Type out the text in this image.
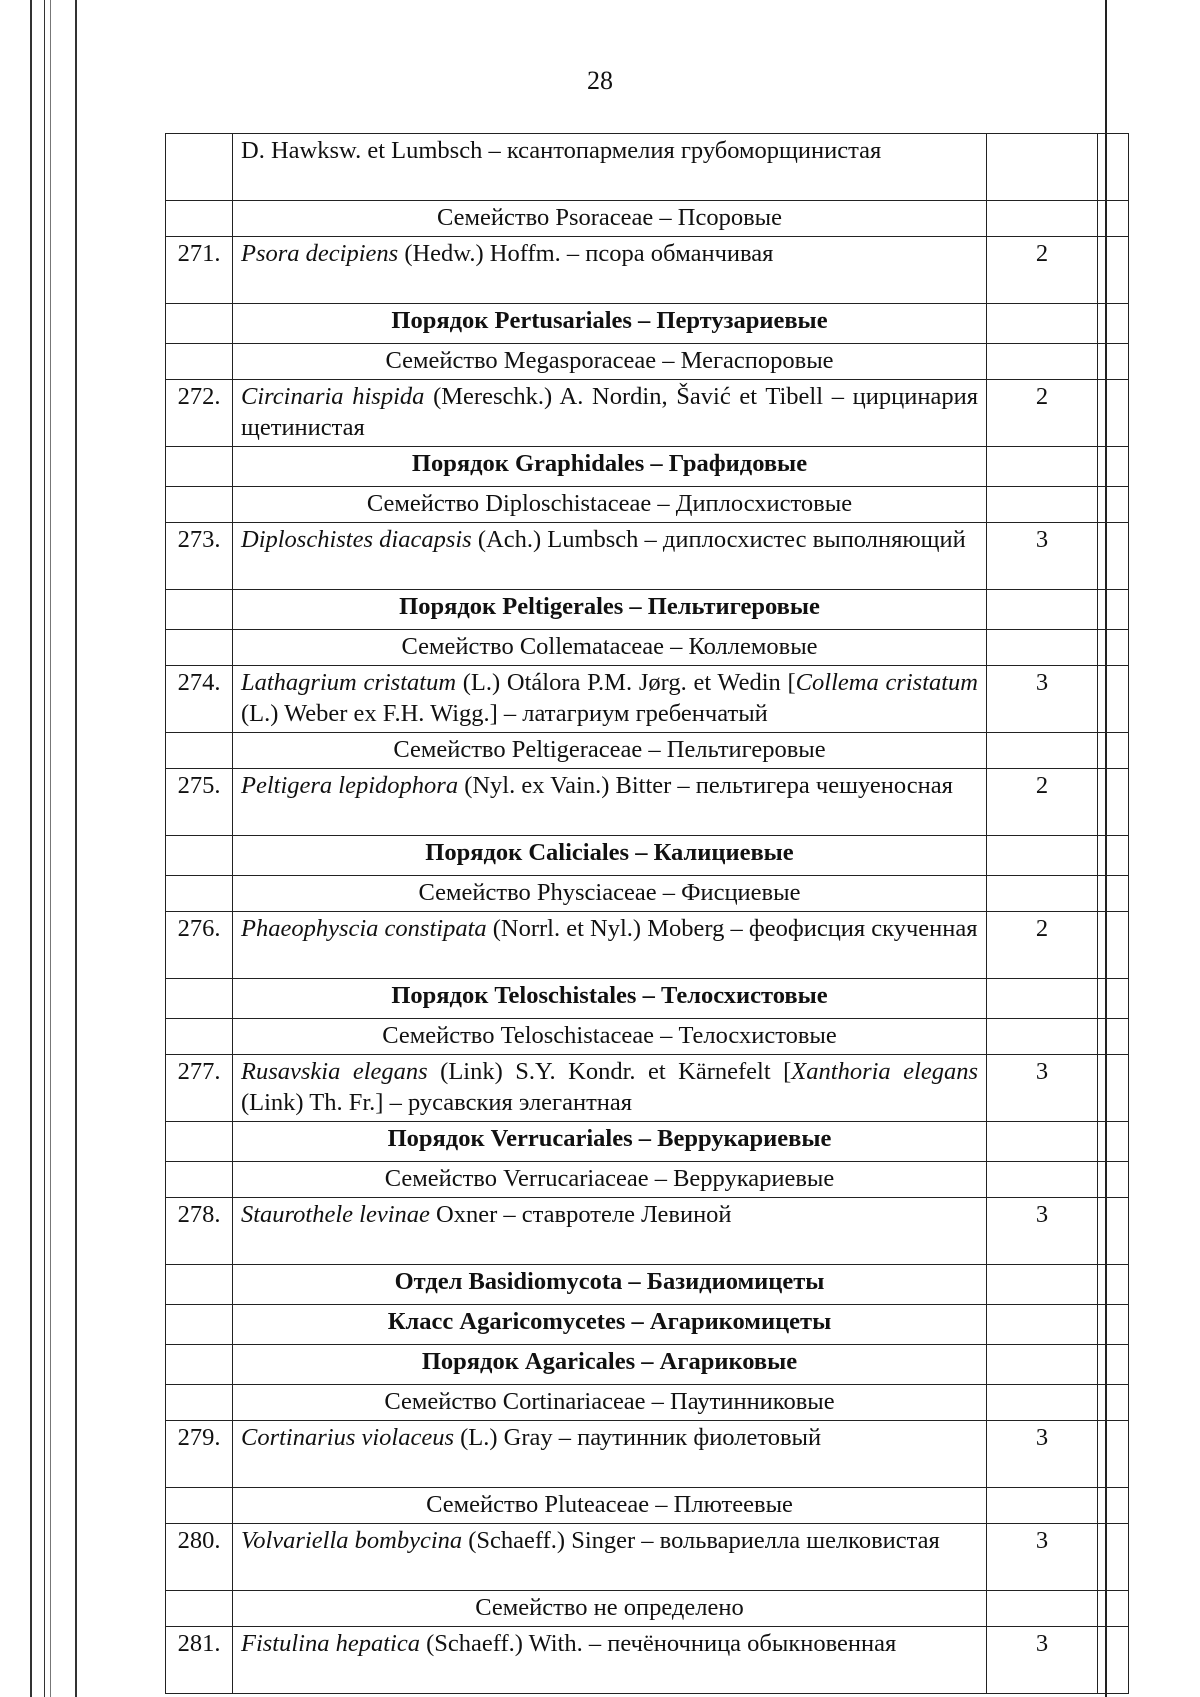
28
	D. Hawksw. et Lumbsch – ксантопармелия грубоморщинистая		
	Семейство Psoraceae – Псоровые		
271.	Psora decipiens (Hedw.) Hoffm. – псора обманчивая	2	
	Порядок Pertusariales – Пертузариевые		
	Семейство Megasporaceae – Мегаспоровые		
272.	Circinaria hispida (Mereschk.) A. Nordin, Šavić et Tibell – цирцинария щетинистая	2	
	Порядок Graphidales – Графидовые		
	Семейство Diploschistaceae – Диплосхистовые		
273.	Diploschistes diacapsis (Ach.) Lumbsch – диплосхистес выполняющий	3	
	Порядок Peltigerales – Пельтигеровые		
	Семейство Collemataceae – Коллемовые		
274.	Lathagrium cristatum (L.) Otálora P.M. Jørg. et Wedin [Collema cristatum (L.) Weber ex F.H. Wigg.] – латагриум гребенчатый	3	
	Семейство Peltigeraceae – Пельтигеровые		
275.	Peltigera lepidophora (Nyl. ex Vain.) Bitter – пельтигера чешуеносная	2	
	Порядок Caliciales – Калициевые		
	Семейство Physciaceae – Фисциевые		
276.	Phaeophyscia constipata (Norrl. et Nyl.) Moberg – феофисция скученная	2	
	Порядок Teloschistales – Телосхистовые		
	Семейство Teloschistaceae – Телосхистовые		
277.	Rusavskia elegans (Link) S.Y. Kondr. et Kärnefelt [Xanthoria elegans (Link) Th. Fr.] – русавския элегантная	3	
	Порядок Verrucariales – Веррукариевые		
	Семейство Verrucariaceae – Веррукариевые		
278.	Staurothele levinae Oxner – ставротеле Левиной	3	
	Отдел Basidiomycota – Базидиомицеты		
	Класс Agaricomycetes – Агарикомицеты		
	Порядок Agaricales – Агариковые		
	Семейство Cortinariaceae – Паутинниковые		
279.	Cortinarius violaceus (L.) Gray – паутинник фиолетовый	3	
	Семейство Pluteaceae – Плютеевые		
280.	Volvariella bombycina (Schaeff.) Singer – вольвариелла шелковистая	3	
	Семейство не определено		
281.	Fistulina hepatica (Schaeff.) With. – печёночница обыкновенная	3	
